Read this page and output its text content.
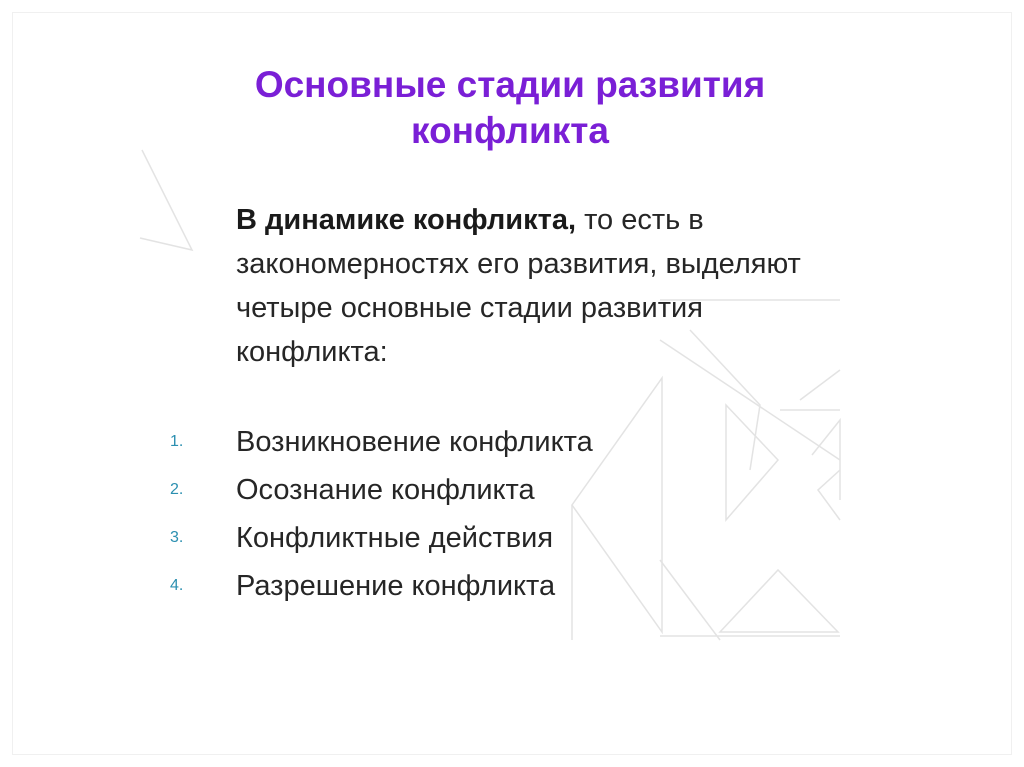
Основные стадии развития
конфликта

В динамике конфликта, то есть в закономерностях его развития, выделяют четыре основные стадии развития конфликта:

1.	Возникновение конфликта
2.	Осознание конфликта
3.	Конфликтные действия
4.	Разрешение конфликта
